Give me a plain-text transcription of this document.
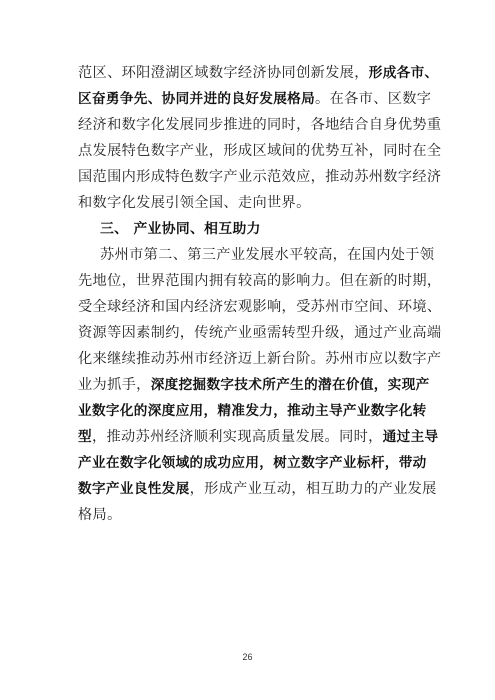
范区、环阳澄湖区域数字经济协同创新发展，形成各市、
区奋勇争先、协同并进的良好发展格局。在各市、区数字
经济和数字化发展同步推进的同时，各地结合自身优势重
点发展特色数字产业，形成区域间的优势互补，同时在全
国范围内形成特色数字产业示范效应，推动苏州数字经济
和数字化发展引领全国、走向世界。
三、 产业协同、相互助力
苏州市第二、第三产业发展水平较高，在国内处于领
先地位，世界范围内拥有较高的影响力。但在新的时期，
受全球经济和国内经济宏观影响，受苏州市空间、环境、
资源等因素制约，传统产业亟需转型升级，通过产业高端
化来继续推动苏州市经济迈上新台阶。苏州市应以数字产
业为抓手，深度挖掘数字技术所产生的潜在价值，实现产
业数字化的深度应用，精准发力，推动主导产业数字化转
型，推动苏州经济顺利实现高质量发展。同时，通过主导
产业在数字化领域的成功应用，树立数字产业标杆，带动
数字产业良性发展，形成产业互动，相互助力的产业发展
格局。
26
